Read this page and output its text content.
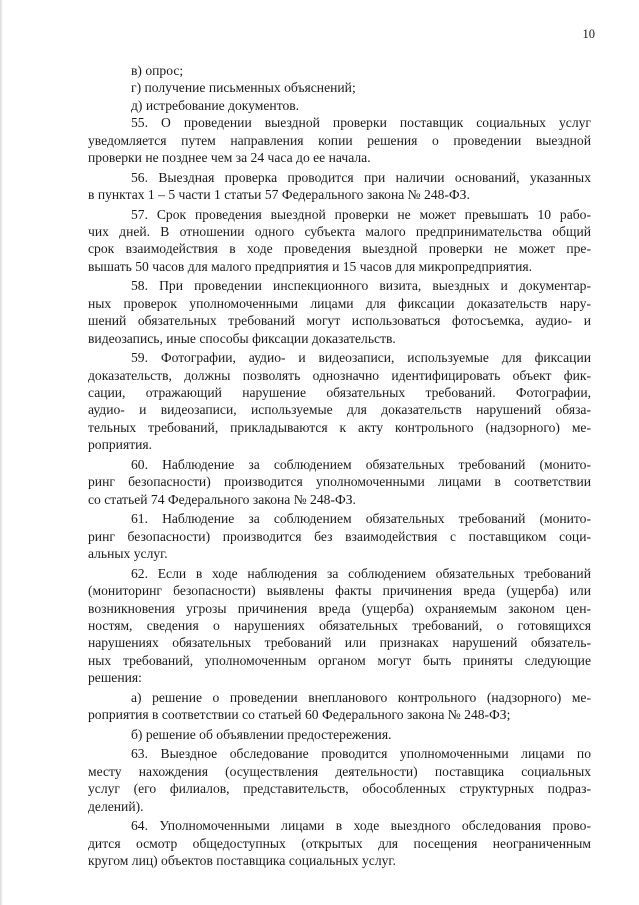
10
в) опрос;
г) получение письменных объяснений;
д) истребование документов.
55. О проведении выездной проверки поставщик социальных услуг
уведомляется путем направления копии решения о проведении выездной
проверки не позднее чем за 24 часа до ее начала.
56. Выездная проверка проводится при наличии оснований, указанных
в пунктах 1 – 5 части 1 статьи 57 Федерального закона № 248-ФЗ.
57. Срок проведения выездной проверки не может превышать 10 рабо-
чих дней. В отношении одного субъекта малого предпринимательства общий
срок взаимодействия в ходе проведения выездной проверки не может пре-
вышать 50 часов для малого предприятия и 15 часов для микропредприятия.
58. При проведении инспекционного визита, выездных и документар-
ных проверок уполномоченными лицами для фиксации доказательств нару-
шений обязательных требований могут использоваться фотосъемка, аудио- и
видеозапись, иные способы фиксации доказательств.
59. Фотографии, аудио- и видеозаписи, используемые для фиксации
доказательств, должны позволять однозначно идентифицировать объект фик-
сации, отражающий нарушение обязательных требований. Фотографии,
аудио- и видеозаписи, используемые для доказательств нарушений обяза-
тельных требований, прикладываются к акту контрольного (надзорного) ме-
роприятия.
60. Наблюдение за соблюдением обязательных требований (монито-
ринг безопасности) производится уполномоченными лицами в соответствии
со статьей 74 Федерального закона № 248-ФЗ.
61. Наблюдение за соблюдением обязательных требований (монито-
ринг безопасности) производится без взаимодействия с поставщиком соци-
альных услуг.
62. Если в ходе наблюдения за соблюдением обязательных требований
(мониторинг безопасности) выявлены факты причинения вреда (ущерба) или
возникновения угрозы причинения вреда (ущерба) охраняемым законом цен-
ностям, сведения о нарушениях обязательных требований, о готовящихся
нарушениях обязательных требований или признаках нарушений обязатель-
ных требований, уполномоченным органом могут быть приняты следующие
решения:
а) решение о проведении внепланового контрольного (надзорного) ме-
роприятия в соответствии со статьей 60 Федерального закона № 248-ФЗ;
б) решение об объявлении предостережения.
63. Выездное обследование проводится уполномоченными лицами по
месту нахождения (осуществления деятельности) поставщика социальных
услуг (его филиалов, представительств, обособленных структурных подраз-
делений).
64. Уполномоченными лицами в ходе выездного обследования прово-
дится осмотр общедоступных (открытых для посещения неограниченным
кругом лиц) объектов поставщика социальных услуг.
